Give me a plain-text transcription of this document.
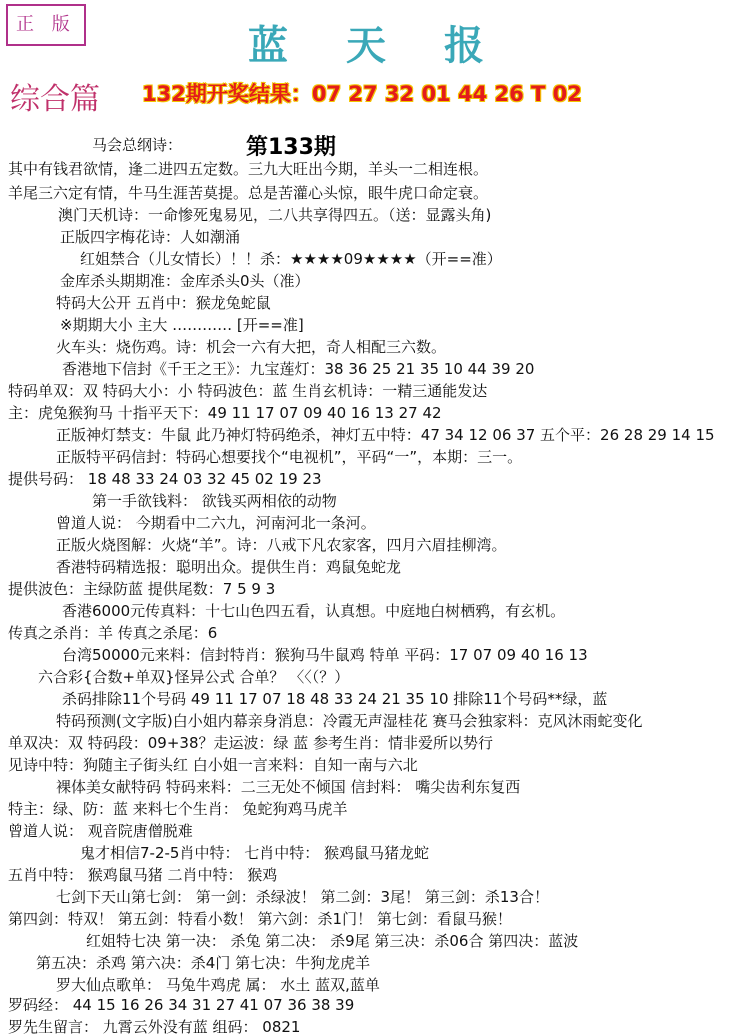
正 版	蓝天报
综合篇 132期开奖结果：07 27 32 01 44 26 T 02
第133期
马会总纲诗：
其中有钱君欲情，逢二进四五定数。三九大旺出今期，羊头一二相连根。
羊尾三六定有情，牛马生涯苦莫提。总是苦灌心头惊，眼牛虎口命定衰。
澳门天机诗：一命惨死鬼易见，二八共享得四五。（送：显露头角)
正版四字梅花诗：人如潮涌
红姐禁合（儿女情长）！！杀：★★★★09★★★★（开==准）
金库杀头期期准：金库杀头0头（准）
特码大公开 五肖中：猴龙兔蛇鼠
※期期大小 主大 ………… [开==准]
火车头：烧伤鸡。诗：机会一六有大把，奇人相配三六数。
香港地下信封《千王之王》：九宝莲灯：38 36 25 21 35 10 44 39 20
特码单双：双 特码大小：小 特码波色：蓝 生肖玄机诗：一精三通能发达
主：虎兔猴狗马 十指平天下：49 11 17 07 09 40 16 13 27 42
正版神灯禁支：牛鼠 此乃神灯特码绝杀，神灯五中特：47 34 12 06 37 五个平：26 28 29 14 15
正版特平码信封：特码心想要找个“电视机”，平码“一”，本期：三一。
提供号码： 18 48 33 24 03 32 45 02 19 23
第一手欲钱料： 欲钱买两相依的动物
曾道人说： 今期看中二六九，河南河北一条河。
正版火烧图解：火烧“羊”。诗：八戒下凡农家客，四月六眉挂柳湾。
香港特码精选报：聪明出众。提供生肖：鸡鼠兔蛇龙
提供波色：主绿防蓝 提供尾数：7 5 9 3
香港6000元传真料：十七山色四五看，认真想。中庭地白树栖鸦，有玄机。
传真之杀肖：羊 传真之杀尾：6
台湾50000元来料：信封特肖：猴狗马牛鼠鸡 特单 平码：17 07 09 40 16 13
六合彩{合数+单双}怪异公式 合单？ 〈〈（？）
杀码排除11个号码 49 11 17 07 18 48 33 24 21 35 10 排除11个号码**绿，蓝
特码预测(文字版)白小姐内幕亲身消息：冷霞无声湿桂花 赛马会独家料：克风沐雨蛇变化
单双决：双 特码段：09+38？走运波：绿 蓝 参考生肖：情非爱所以势行
见诗中特：狗随主子街头红 白小姐一言来料：自知一南与六北
裸体美女献特码 特码来料：二三无处不倾国 信封料： 嘴尖齿利东复西
特主：绿、防：蓝 来料七个生肖： 兔蛇狗鸡马虎羊
曾道人说： 观音院唐僧脱难
鬼才相信7-2-5肖中特： 七肖中特： 猴鸡鼠马猪龙蛇
五肖中特： 猴鸡鼠马猪 二肖中特： 猴鸡
七剑下天山第七剑： 第一剑：杀绿波！ 第二剑：3尾！ 第三剑：杀13合！
第四剑：特双！ 第五剑：特看小数！ 第六剑：杀1门！ 第七剑：看鼠马猴！
红姐特七决 第一决： 杀兔 第二决： 杀9尾 第三决：杀06合 第四决：蓝波
第五决：杀鸡 第六决：杀4门 第七决：牛狗龙虎羊
罗大仙点歌单： 马兔牛鸡虎 属： 水土 蓝双,蓝单
罗码经： 44 15 16 26 34 31 27 41 07 36 38 39
罗先生留言： 九霄云外没有蓝 组码： 0821
